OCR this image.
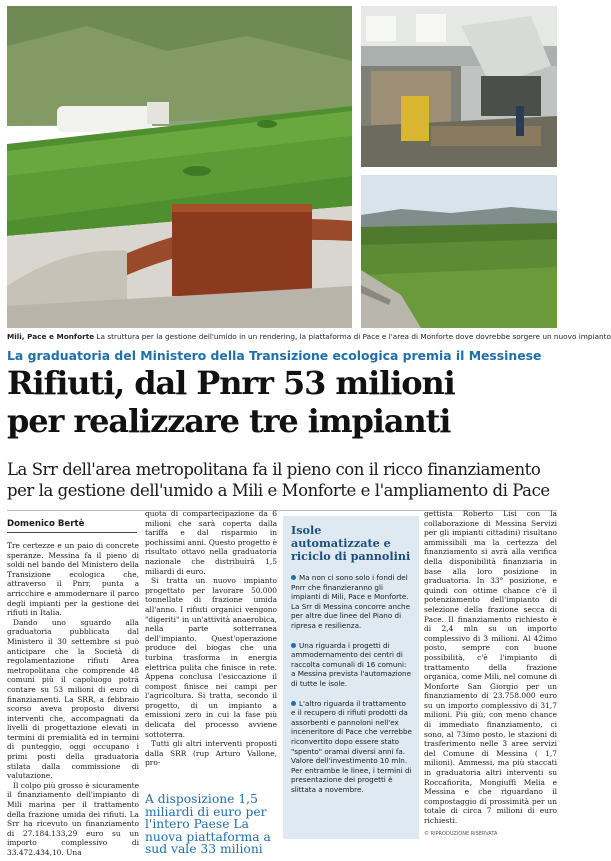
Mili, Pace e Monforte La struttura per la gestione dell'umido in un rendering, la piattaforma di Pace e l'area di Monforte dove dovrebbe sorgere un nuovo impianto
La graduatoria del Ministero della Transizione ecologica premia il Messinese
Rifiuti, dal Pnrr 53 milioni
per realizzare tre impianti
La Srr dell'area metropolitana fa il pieno con il ricco finanziamento
per la gestione dell'umido a Mili e Monforte e l'ampliamento di Pace
Domenico Bertè

Tre certezze e un paio di concrete speranze. Messina fa il pieno di soldi nel bando del Ministero della Transizione ecologica che, attraverso il Pnrr, punta a arricchire e ammodernare il parco degli impianti per la gestione dei rifiuti in Italia.

Dando uno sguardo alla graduatoria pubblicata dal Ministero il 30 settembre si può anticipare che la Società di regolamentazione rifiuti Area metropolitana che comprende 48 comuni più il capoluogo potrà contare su 53 milioni di euro di finanziamenti. La SRR, a febbraio scorso aveva proposto diversi interventi che, accompagnati da livelli di progettazione elevati in termini di premialità ed in termini di punteggio, oggi occupano i primi posti della graduatoria stilata dalla commissione di valutazione.

Il colpo più grosso è sicuramente il finanziamento dell'impianto di Mili marina per il trattamento della frazione umida dei rifiuti. La Srr ha ricevuto un finanziamento di 27.184.133,29 euro su un importo complessivo di 33.472.434,10. Una

quota di compartecipazione da 6 milioni che sarà coperta dalla tariffa e dal risparmio in pochissimi anni. Questo progetto è risultato ottavo nella graduatoria nazionale che distribuirà 1,5 miliardi di euro.

Si tratta un nuovo impianto progettato per lavorare 50.000 tonnellate di frazione umida all'anno. I rifiuti organici vengono "digeriti" in un'attività anaerobica, nella parte sotterranea dell'impianto. Quest'operazione produce del biogas che una turbina trasforma in energia elettrica pulita che finisce in rete. Appena conclusa l'esiccazione il compost finisce nei campi per l'agricoltura. Si tratta, secondo il progetto, di un impianto a emissioni zero in cui la fase più delicata del processo avviene sottoterra.

Tutti gli altri interventi proposti dalla SRR (rup Arturo Vallone, pro-

A disposizione 1,5 miliardi di euro per l'intero Paese La nuova piattaforma a sud vale 33 milioni
Isole automatizzate e riciclo di pannolini
Ma non ci sono solo i fondi del Pnrr che finanzieranno gli impianti di Mili, Pace e Monforte. La Srr di Messina concorre anche per altre due linee del Piano di ripresa e resilienza.
Una riguarda i progetti di ammodernamento dei centri di raccolta comunali di 16 comuni: a Messina prevista l'automazione di tutte le isole.
L'altro riguarda il trattamento e il recupero di rifiuti prodotti da assorbenti e pannoloni nell'ex inceneritore di Pace che verrebbe riconvertito dopo essere stato "spento" oramai diversi anni fa. Valore dell'investimento 10 mln. Per entrambe le linee, i termini di presentazione dei progetti è slittata a novembre.

gettista Roberto Lisi con la collaborazione di Messina Servizi per gli impianti cittadini) risultano ammissibili ma la certezza del finanziamento si avrà alla verifica della disponibilità finanziaria in base alla loro posizione in graduatoria. In 33° posizione, e quindi con ottime chance c'è il potenziamento dell'impianto di selezione della frazione secca di Pace. Il finanziamento richiesto è di 2,4 mln su un importo complessivo di 3 milioni. Al 42imo posto, sempre con buone possibilità, c'è l'impianto di trattamento della frazione organica, come Mili, nel comune di Monforte San Giorgio per un finanziamento di 23.758.000 euro su un importo complessivo di 31,7 milioni. Più giù, con meno chance di immediato finanziamento, ci sono, al 73imo posto, le stazioni di trasferimento nelle 3 aree servizi del Comune di Messina ( 1,7 milioni). Ammessi, ma più staccati in graduatoria altri interventi su Roccafiorita, Mongiuffi Melia e Messina e che riguardano il compostaggio di prossimità per un totale di circa 7 milioni di euro richiesti.

© RIPRODUZIONE RISERVATA
